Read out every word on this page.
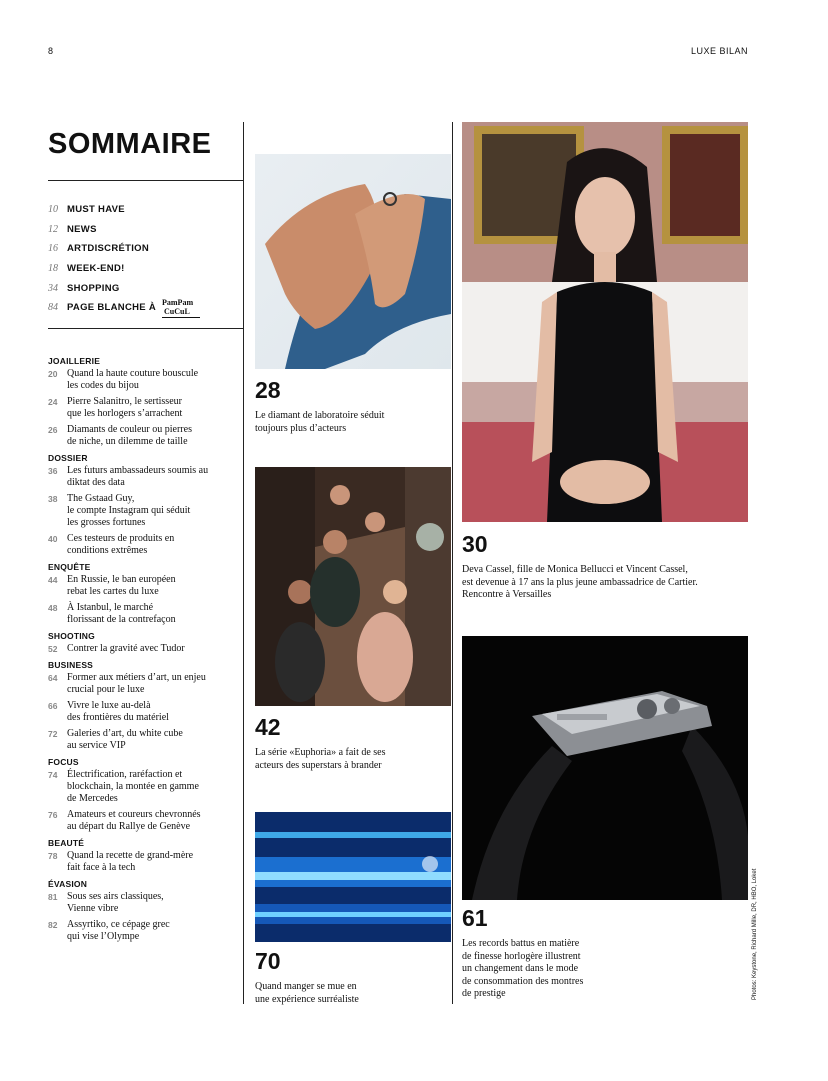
8	LUXE BILAN
SOMMAIRE
10 MUST HAVE
12 NEWS
16 ARTDISCRÉTION
18 WEEK-END!
34 SHOPPING
84 PAGE BLANCHE À PamPam
CuCuL
JOAILLERIE
20 Quand la haute couture bouscule
les codes du bijou
24 Pierre Salanitro, le sertisseur
que les horlogers s’arrachent
26 Diamants de couleur ou pierres
de niche, un dilemme de taille
DOSSIER
36 Les futurs ambassadeurs soumis au
diktat des data
38 The Gstaad Guy,
le compte Instagram qui séduit
les grosses fortunes
40 Ces testeurs de produits en
conditions extrêmes
ENQUÊTE
44 En Russie, le ban européen
rebat les cartes du luxe
48 À Istanbul, le marché
florissant de la contrefaçon
SHOOTING
52 Contrer la gravité avec Tudor
BUSINESS
64 Former aux métiers d’art, un enjeu
crucial pour le luxe
66 Vivre le luxe au-delà
des frontières du matériel
72 Galeries d’art, du white cube
au service VIP
FOCUS
74 Électrification, raréfaction et
blockchain, la montée en gamme
de Mercedes
76 Amateurs et coureurs chevronnés
au départ du Rallye de Genève
BEAUTÉ
78 Quand la recette de grand-mère
fait face à la tech
ÉVASION
81 Sous ses airs classiques,
Vienne vibre
82 Assyrtiko, ce cépage grec
qui vise l’Olympe
28
Le diamant de laboratoire séduit
toujours plus d’acteurs
42
La série «Euphoria» a fait de ses
acteurs des superstars à brander
70
Quand manger se mue en
une expérience surréaliste
30
Deva Cassel, fille de Monica Bellucci et Vincent Cassel,
est devenue à 17 ans la plus jeune ambassadrice de Cartier.
Rencontre à Versailles
61
Les records battus en matière
de finesse horlogère illustrent
un changement dans le mode
de consommation des montres
de prestige	Photos: Keystone, Richard Mille, DR, HBO, Loket
